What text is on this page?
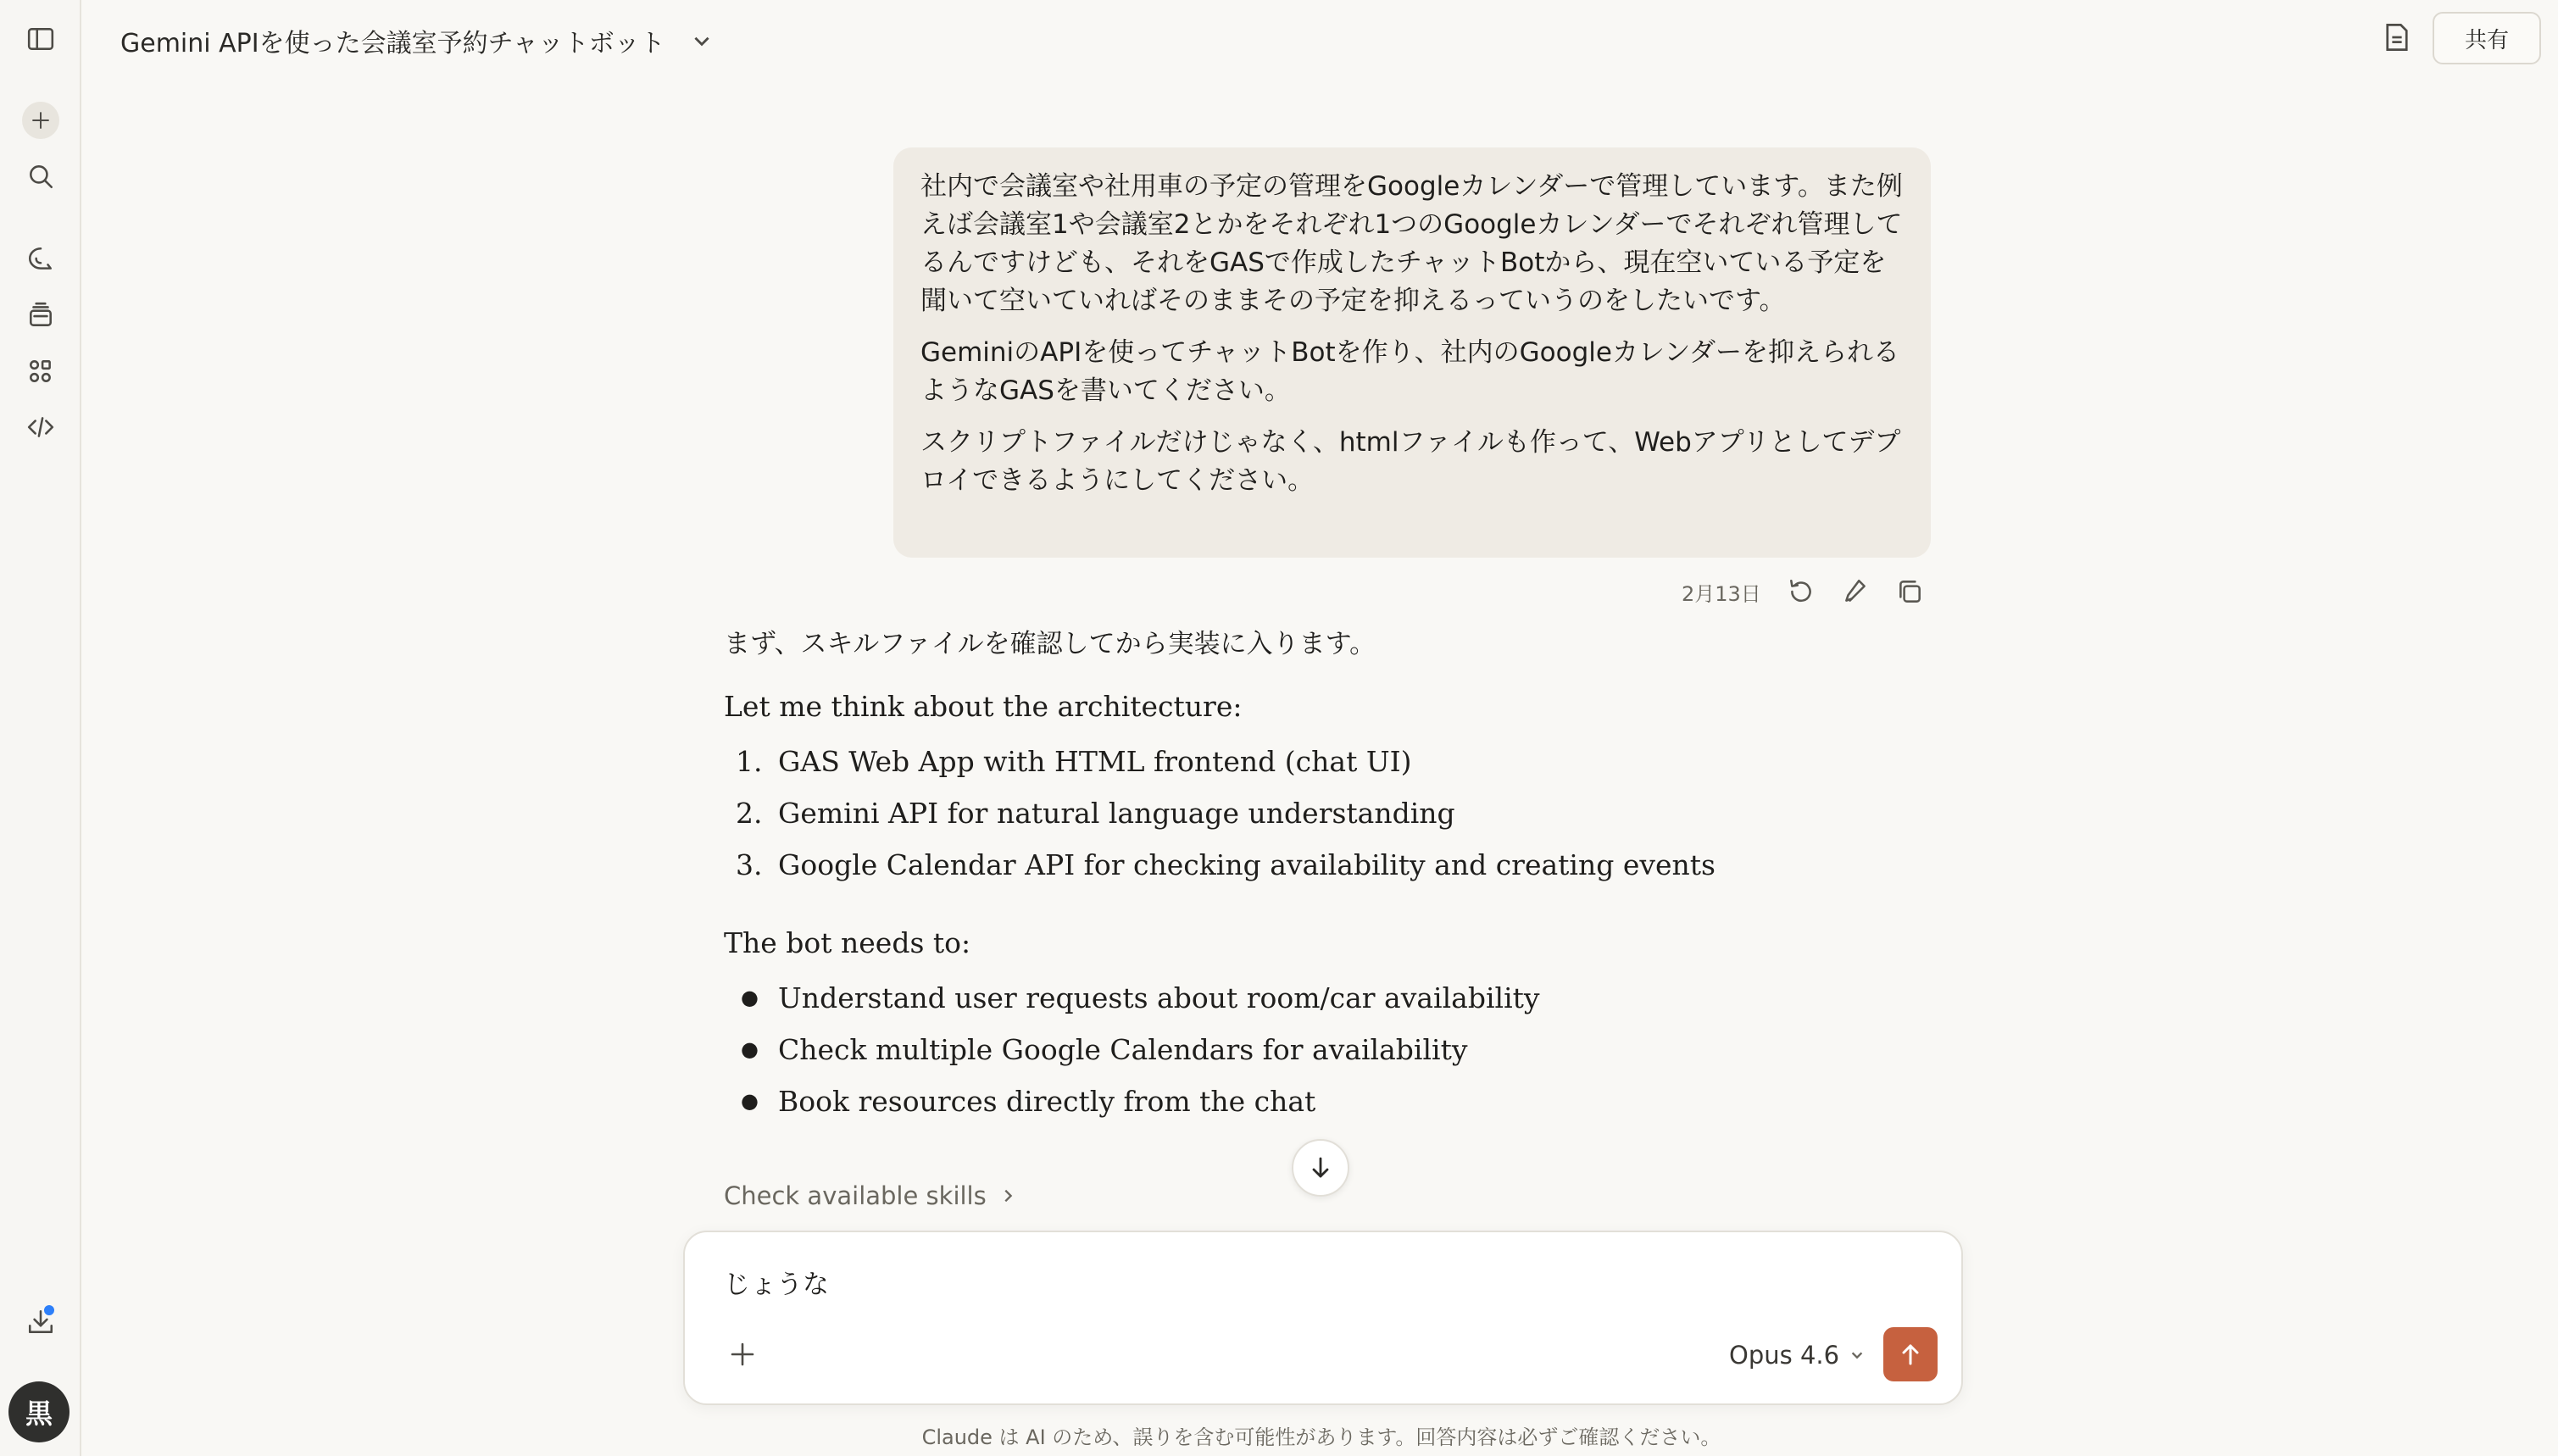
黒
Gemini APIを使った会議室予約チャットボット	共有

社内で会議室や社用車の予定の管理をGoogleカレンダーで管理しています。また例えば会議室1や会議室2とかをそれぞれ1つのGoogleカレンダーでそれぞれ管理してるんですけども、それをGASで作成したチャットBotから、現在空いている予定を聞いて空いていればそのままその予定を抑えるっていうのをしたいです。

GeminiのAPIを使ってチャットBotを作り、社内のGoogleカレンダーを抑えられるようなGASを書いてください。

スクリプトファイルだけじゃなく、htmlファイルも作って、Webアプリとしてデプロイできるようにしてください。

2月13日
まず、スキルファイルを確認してから実装に入ります。
Let me think about the architecture:
1. GAS Web App with HTML frontend (chat UI)
2. Gemini API for natural language understanding
3. Google Calendar API for checking availability and creating events
The bot needs to:
● Understand user requests about room/car availability
● Check multiple Google Calendars for availability
● Book resources directly from the chat
Check available skills
じょうな
Opus 4.6
Claude は AI のため、誤りを含む可能性があります。回答内容は必ずご確認ください。
